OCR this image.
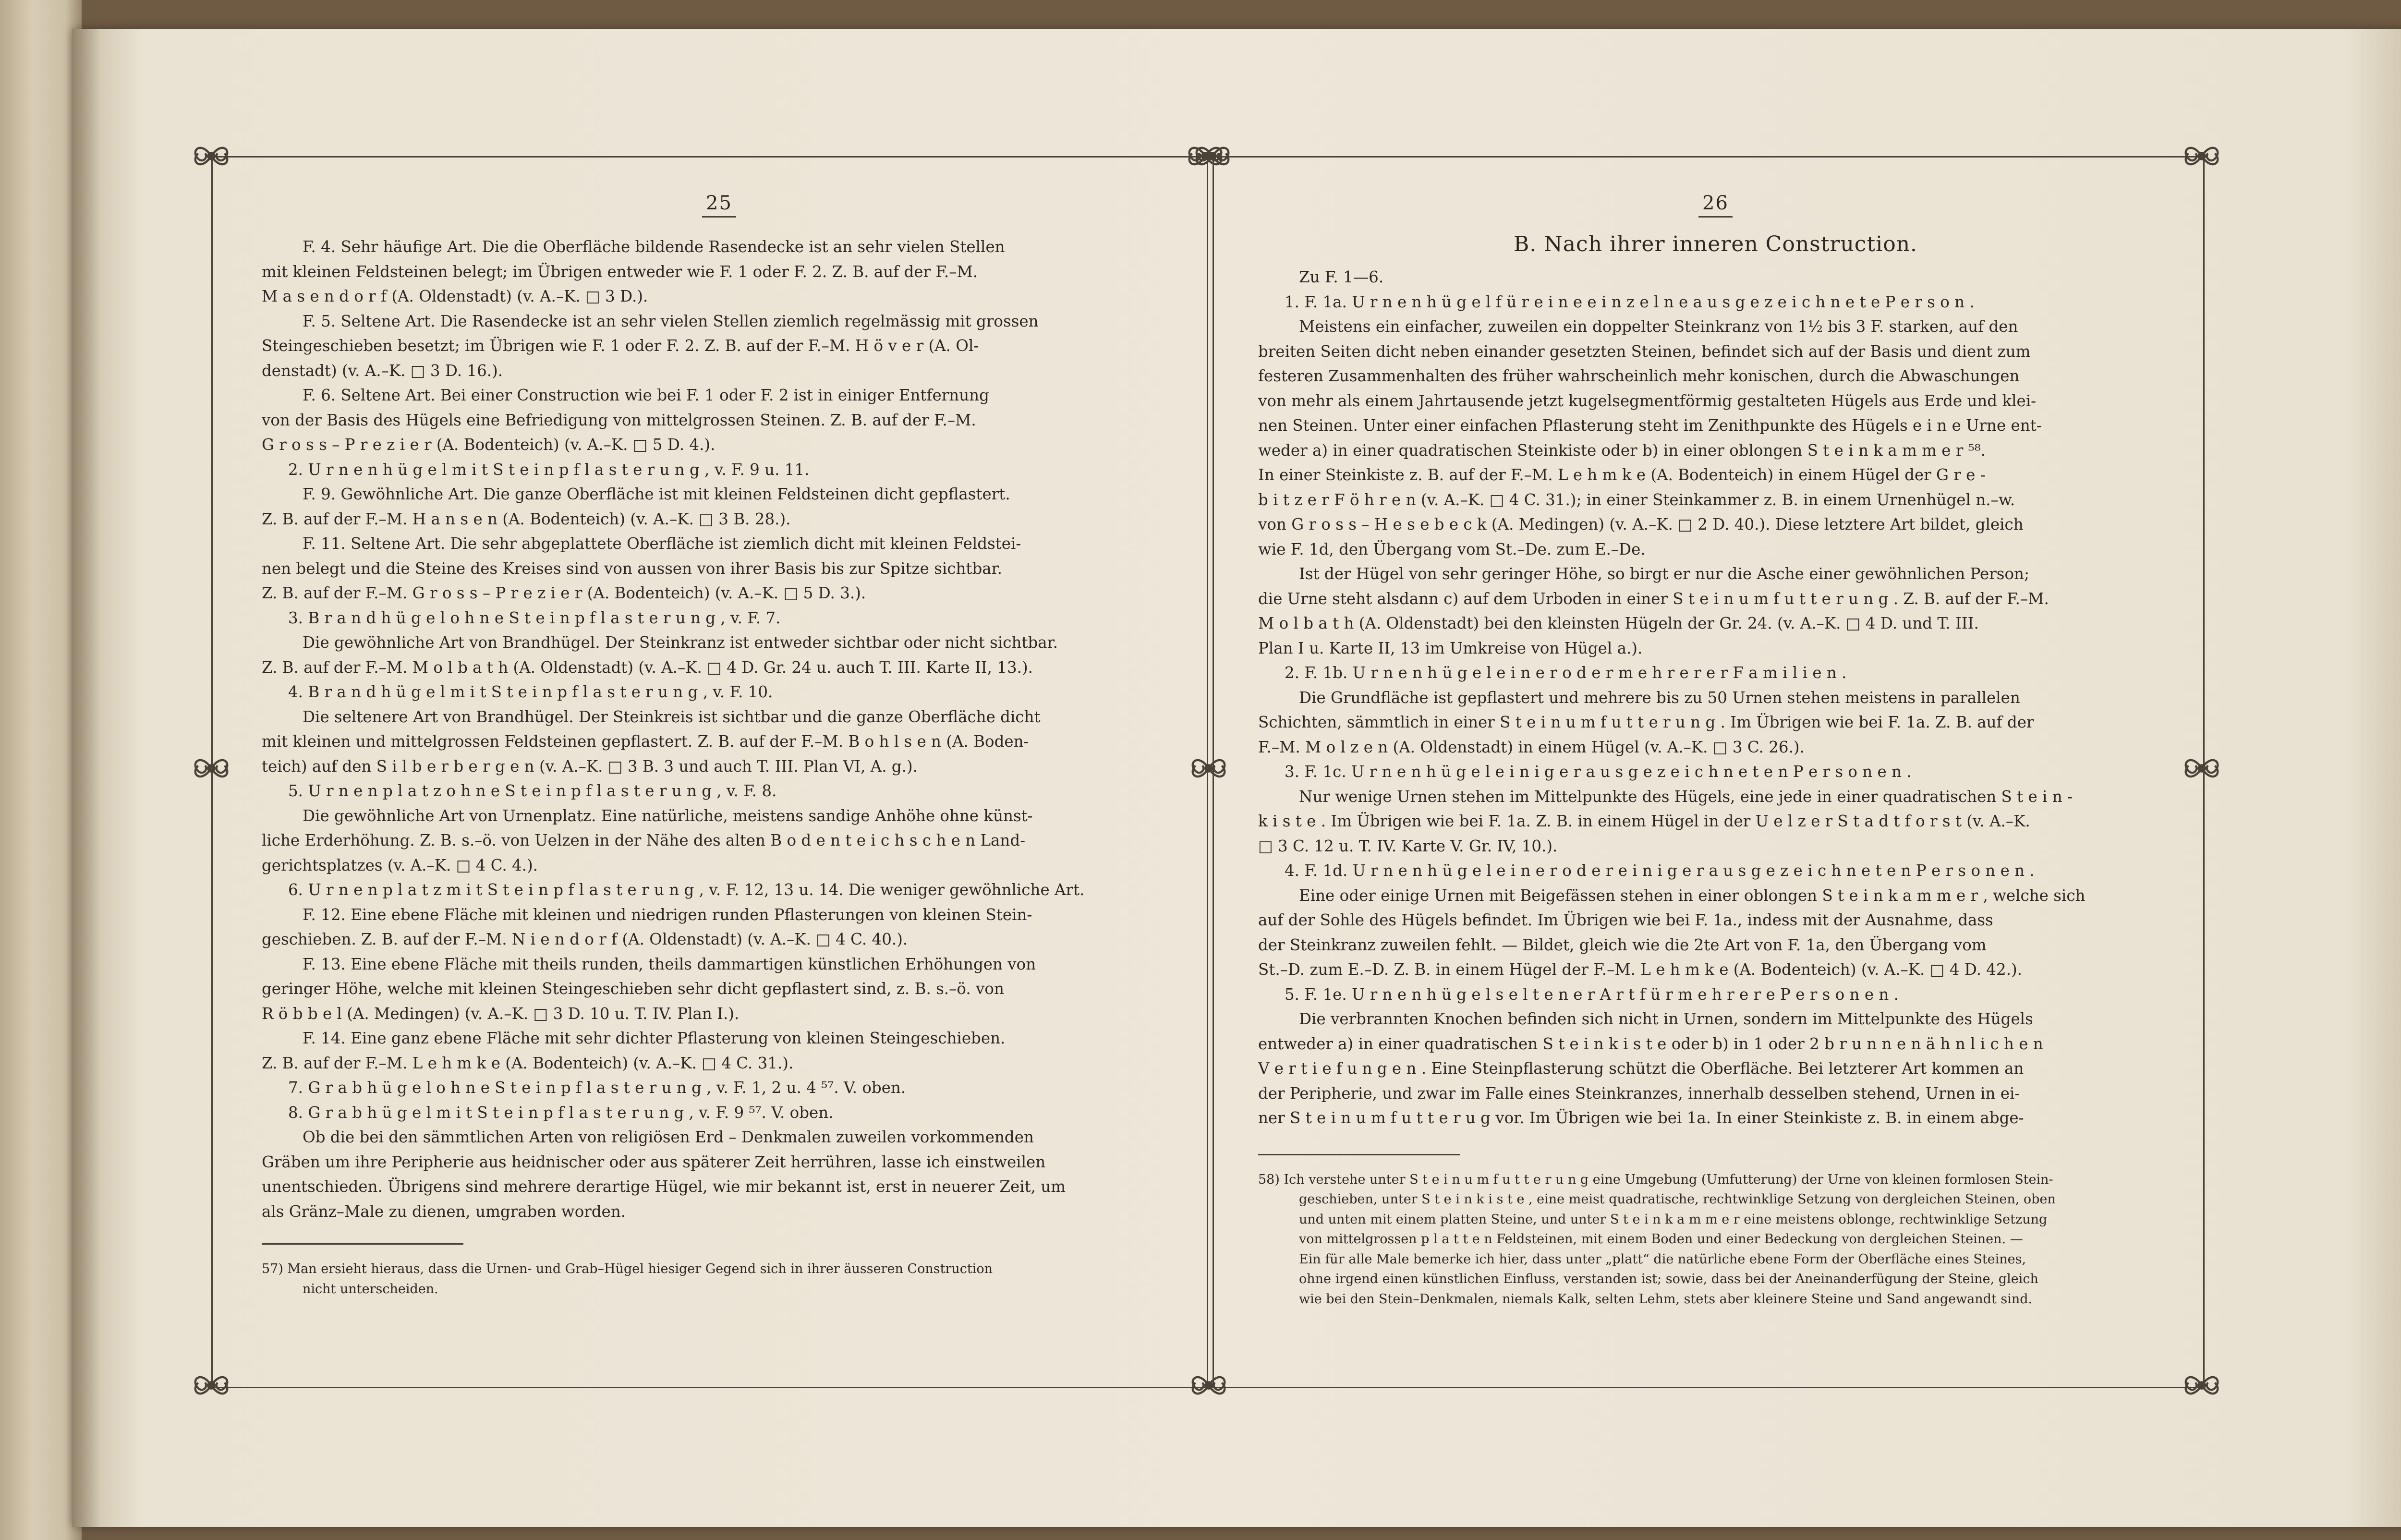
25

F. 4. Sehr häufige Art. Die die Oberfläche bildende Rasendecke ist an sehr vielen Stellen

mit kleinen Feldsteinen belegt; im Übrigen entweder wie F. 1 oder F. 2. Z. B. auf der F.–M.

M a s e n d o r f (A. Oldenstadt) (v. A.–K. □ 3 D.).

F. 5. Seltene Art. Die Rasendecke ist an sehr vielen Stellen ziemlich regelmässig mit grossen

Steingeschieben besetzt; im Übrigen wie F. 1 oder F. 2. Z. B. auf der F.–M. H ö v e r (A. Ol-

denstadt) (v. A.–K. □ 3 D. 16.).

F. 6. Seltene Art. Bei einer Construction wie bei F. 1 oder F. 2 ist in einiger Entfernung

von der Basis des Hügels eine Befriedigung von mittelgrossen Steinen. Z. B. auf der F.–M.

G r o s s – P r e z i e r (A. Bodenteich) (v. A.–K. □ 5 D. 4.).

2. U r n e n h ü g e l m i t S t e i n p f l a s t e r u n g , v. F. 9 u. 11.

F. 9. Gewöhnliche Art. Die ganze Oberfläche ist mit kleinen Feldsteinen dicht gepflastert.

Z. B. auf der F.–M. H a n s e n (A. Bodenteich) (v. A.–K. □ 3 B. 28.).

F. 11. Seltene Art. Die sehr abgeplattete Oberfläche ist ziemlich dicht mit kleinen Feldstei-

nen belegt und die Steine des Kreises sind von aussen von ihrer Basis bis zur Spitze sichtbar.

Z. B. auf der F.–M. G r o s s – P r e z i e r (A. Bodenteich) (v. A.–K. □ 5 D. 3.).

3. B r a n d h ü g e l o h n e S t e i n p f l a s t e r u n g , v. F. 7.

Die gewöhnliche Art von Brandhügel. Der Steinkranz ist entweder sichtbar oder nicht sichtbar.

Z. B. auf der F.–M. M o l b a t h (A. Oldenstadt) (v. A.–K. □ 4 D. Gr. 24 u. auch T. III. Karte II, 13.).

4. B r a n d h ü g e l m i t S t e i n p f l a s t e r u n g , v. F. 10.

Die seltenere Art von Brandhügel. Der Steinkreis ist sichtbar und die ganze Oberfläche dicht

mit kleinen und mittelgrossen Feldsteinen gepflastert. Z. B. auf der F.–M. B o h l s e n (A. Boden-

teich) auf den S i l b e r b e r g e n (v. A.–K. □ 3 B. 3 und auch T. III. Plan VI, A. g.).

5. U r n e n p l a t z o h n e S t e i n p f l a s t e r u n g , v. F. 8.

Die gewöhnliche Art von Urnenplatz. Eine natürliche, meistens sandige Anhöhe ohne künst-

liche Erderhöhung. Z. B. s.–ö. von Uelzen in der Nähe des alten B o d e n t e i c h s c h e n Land-

gerichtsplatzes (v. A.–K. □ 4 C. 4.).

6. U r n e n p l a t z m i t S t e i n p f l a s t e r u n g , v. F. 12, 13 u. 14. Die weniger gewöhnliche Art.

F. 12. Eine ebene Fläche mit kleinen und niedrigen runden Pflasterungen von kleinen Stein-

geschieben. Z. B. auf der F.–M. N i e n d o r f (A. Oldenstadt) (v. A.–K. □ 4 C. 40.).

F. 13. Eine ebene Fläche mit theils runden, theils dammartigen künstlichen Erhöhungen von

geringer Höhe, welche mit kleinen Steingeschieben sehr dicht gepflastert sind, z. B. s.–ö. von

R ö b b e l (A. Medingen) (v. A.–K. □ 3 D. 10 u. T. IV. Plan I.).

F. 14. Eine ganz ebene Fläche mit sehr dichter Pflasterung von kleinen Steingeschieben.

Z. B. auf der F.–M. L e h m k e (A. Bodenteich) (v. A.–K. □ 4 C. 31.).

7. G r a b h ü g e l o h n e S t e i n p f l a s t e r u n g , v. F. 1, 2 u. 4 ⁵⁷. V. oben.

8. G r a b h ü g e l m i t S t e i n p f l a s t e r u n g , v. F. 9 ⁵⁷. V. oben.

Ob die bei den sämmtlichen Arten von religiösen Erd – Denkmalen zuweilen vorkommenden

Gräben um ihre Peripherie aus heidnischer oder aus späterer Zeit herrühren, lasse ich einstweilen

unentschieden. Übrigens sind mehrere derartige Hügel, wie mir bekannt ist, erst in neuerer Zeit, um

als Gränz–Male zu dienen, umgraben worden.

57) Man ersieht hieraus, dass die Urnen- und Grab–Hügel hiesiger Gegend sich in ihrer äusseren Construction

nicht unterscheiden.

26
B. Nach ihrer inneren Construction.

Zu F. 1—6.

1. F. 1a. U r n e n h ü g e l f ü r e i n e e i n z e l n e a u s g e z e i c h n e t e P e r s o n .

Meistens ein einfacher, zuweilen ein doppelter Steinkranz von 1½ bis 3 F. starken, auf den

breiten Seiten dicht neben einander gesetzten Steinen, befindet sich auf der Basis und dient zum

festeren Zusammenhalten des früher wahrscheinlich mehr konischen, durch die Abwaschungen

von mehr als einem Jahrtausende jetzt kugelsegmentförmig gestalteten Hügels aus Erde und klei-

nen Steinen. Unter einer einfachen Pflasterung steht im Zenithpunkte des Hügels e i n e Urne ent-

weder a) in einer quadratischen Steinkiste oder b) in einer oblongen S t e i n k a m m e r ⁵⁸.

In einer Steinkiste z. B. auf der F.–M. L e h m k e (A. Bodenteich) in einem Hügel der G r e -

b i t z e r F ö h r e n (v. A.–K. □ 4 C. 31.); in einer Steinkammer z. B. in einem Urnenhügel n.–w.

von G r o s s – H e s e b e c k (A. Medingen) (v. A.–K. □ 2 D. 40.). Diese letztere Art bildet, gleich

wie F. 1d, den Übergang vom St.–De. zum E.–De.

Ist der Hügel von sehr geringer Höhe, so birgt er nur die Asche einer gewöhnlichen Person;

die Urne steht alsdann c) auf dem Urboden in einer S t e i n u m f u t t e r u n g . Z. B. auf der F.–M.

M o l b a t h (A. Oldenstadt) bei den kleinsten Hügeln der Gr. 24. (v. A.–K. □ 4 D. und T. III.

Plan I u. Karte II, 13 im Umkreise von Hügel a.).

2. F. 1b. U r n e n h ü g e l e i n e r o d e r m e h r e r e r F a m i l i e n .

Die Grundfläche ist gepflastert und mehrere bis zu 50 Urnen stehen meistens in parallelen

Schichten, sämmtlich in einer S t e i n u m f u t t e r u n g . Im Übrigen wie bei F. 1a. Z. B. auf der

F.–M. M o l z e n (A. Oldenstadt) in einem Hügel (v. A.–K. □ 3 C. 26.).

3. F. 1c. U r n e n h ü g e l e i n i g e r a u s g e z e i c h n e t e n P e r s o n e n .

Nur wenige Urnen stehen im Mittelpunkte des Hügels, eine jede in einer quadratischen S t e i n -

k i s t e . Im Übrigen wie bei F. 1a. Z. B. in einem Hügel in der U e l z e r S t a d t f o r s t (v. A.–K.

□ 3 C. 12 u. T. IV. Karte V. Gr. IV, 10.).

4. F. 1d. U r n e n h ü g e l e i n e r o d e r e i n i g e r a u s g e z e i c h n e t e n P e r s o n e n .

Eine oder einige Urnen mit Beigefässen stehen in einer oblongen S t e i n k a m m e r , welche sich

auf der Sohle des Hügels befindet. Im Übrigen wie bei F. 1a., indess mit der Ausnahme, dass

der Steinkranz zuweilen fehlt. — Bildet, gleich wie die 2te Art von F. 1a, den Übergang vom

St.–D. zum E.–D. Z. B. in einem Hügel der F.–M. L e h m k e (A. Bodenteich) (v. A.–K. □ 4 D. 42.).

5. F. 1e. U r n e n h ü g e l s e l t e n e r A r t f ü r m e h r e r e P e r s o n e n .

Die verbrannten Knochen befinden sich nicht in Urnen, sondern im Mittelpunkte des Hügels

entweder a) in einer quadratischen S t e i n k i s t e oder b) in 1 oder 2 b r u n n e n ä h n l i c h e n

V e r t i e f u n g e n . Eine Steinpflasterung schützt die Oberfläche. Bei letzterer Art kommen an

der Peripherie, und zwar im Falle eines Steinkranzes, innerhalb desselben stehend, Urnen in ei-

ner S t e i n u m f u t t e r u g vor. Im Übrigen wie bei 1a. In einer Steinkiste z. B. in einem abge-

58) Ich verstehe unter S t e i n u m f u t t e r u n g eine Umgebung (Umfutterung) der Urne von kleinen formlosen Stein-

geschieben, unter S t e i n k i s t e , eine meist quadratische, rechtwinklige Setzung von dergleichen Steinen, oben

und unten mit einem platten Steine, und unter S t e i n k a m m e r eine meistens oblonge, rechtwinklige Setzung

von mittelgrossen p l a t t e n Feldsteinen, mit einem Boden und einer Bedeckung von dergleichen Steinen. —

Ein für alle Male bemerke ich hier, dass unter „platt“ die natürliche ebene Form der Oberfläche eines Steines,

ohne irgend einen künstlichen Einfluss, verstanden ist; sowie, dass bei der Aneinanderfügung der Steine, gleich

wie bei den Stein–Denkmalen, niemals Kalk, selten Lehm, stets aber kleinere Steine und Sand angewandt sind.
